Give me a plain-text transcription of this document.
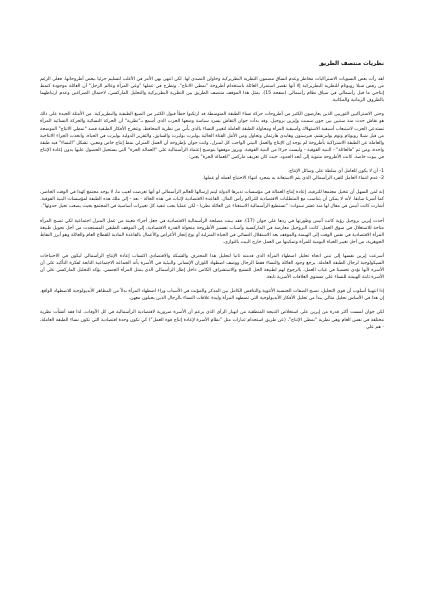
نظريات منتصف الطريق

لقد رأت بعض النسويات الاشتراكيات مخاطر وعدم اتساق مضمون النظرية البطريركية وحاولن التصدي لها. لكن انتهى بهن الأمر في الأغلب لتسليم جزئيا ببعض أطروحاتها. فعلى الرغم من رفض شيلا روبوثام للنظرية البطريركية إلا أنها تقصر استمرار العائلة باستخدام أطروحة "نمطي الانتاج". وتطرح في عملها "وعي المرأة وعالم الرجل" أن العائلة موجودة كنمط إنتاجي ما قبل رأسمالي في سياق نظام رأسمالي (صفحة 15). يمثل هذا الموقف منتصف الطريق بين النظرية البطريركية والتحليل الماركسي، لاحتمال الصراعين وعدم ارتباطهما بالظروف الزمانية والمكانية.

وحتى الاشتراكيين الثوريين الذين يعارضون الكثير من أطروحات حركة نساء الطبقة المتوسطة قد ارتكبوا خطأ قبول الكثير من الصيغ الطبقية والبطريركية. من الأمثلة الجيدة على ذلك هو نقاش حدث منذ سنتين بين جون سميث وإيرين بروجيل. وقد بدأت جوان التقاش بسرد سياسة وضعها الحزب الذي أسمع بـ"نظرية" أن الحركة النسائية والحركة النسائية المرأة تستدعي الحزب لاستيعاب أسبقية الاستهلاك وأسبقية المرأة ومحاولة الطبقة العاملة لتغيير النساء بالذي يأتي من نظرية المحافظ، وتتخرج الأفكار الطبقية قصد "نمطي الانتاج" الموضحة من قبل شيلا روبوثام وتوم بولبرتشم، فيرسنون وهايدي هارتمان وتحاول ومن الأمل الفتاة الحالية بولبرت بولبرت والسابق، والتقرير الدولية بولبرت في الحياة، واتخذت الجزاء الانتاجية والعاملة عن الطبقة الاشتراكية بأطروحة لم يوجد إن الإنتاج والعمل البيتي الواجب كل لمنزل، واتت جوان بإطروحة أن العمل المنزلي نمط إنتاج خاص ومعين، تشكل "النساء" فيه طبقة واحدة، ومن ثم "فالعائلة" - البنية الفوقية - وليست جزءا من البنية الفوقية. وبروز موقفها بتوضيح إعتماد الرأسمالية على "العمالة الحرة" التي يستحيل الحصول عليها بدون إعادة الإنتاج في بيوت خاصة. كانت الأطروحة متنوية إلى أبعد الحدود. حيث كان تعريف ماركس "للعمالة الحرة" يعني:

1- أن لا يكون للعامل أي سلطة على وسائل الإنتاج.
2- عدم انتماء العامل للفرد الرأسمالي الذي يتم الاستعانة به بمجرد انتهاء الاحتياج لعمله أو عملها.

إنه لمن السهل أن تتخيل مجتمعا للترفيه، إعادة إنتاج العمالة في مؤسسات تديرها الدولة ليتم إرسالها للعالم الرأسمالي لو أنها تعرضت لعيب ما، لا يوجد مجتمع كهذا في الوقت الحاضر، كما أشرنا سابقا. لأنه لا يمكن أن يتناسب مع المتطلبات الاقتصادية للتراكم رأس المال. القاعدة الاقتصادية لإثبات في هذه الحالة - بعد - إلى ملك هذه الطبقة لمؤسسات البنية الفوقية. أشارت كانت أنيس في مقال لها منذ عشر سنوات: "تستطيع الرأسمالية الاستغناء عن العائلة نظريا - لكن عمليا يجب تنفيذ كل تغييرات أساسية في المجتمع بحيث يصعب تخيل حدوثها".

أخذت إيرين بروجيل رؤية كانت أنيس وطورتها في ردها على جوان (17). فقد بينت مصلحة الرأسمالية الاقتصادية في جعل أجزاء معينة من عمل المنزل اجتماعية لكي تصبح المرأة متاحة للاستغلال في سوق العمل. كانت البروجيل معارضة في الماركسية وأسباب تفسير الأطروحة متحولة القدرة الاقتصادية، إلى الموقف الطبقي المستحدث من أجل تحويل طبيعة المرأة الاقتصادية في نفس الوقت إلى الهيمنة والموقف بعد الاستقلال النسائي في الحياة المنزلية أو نوع إنجاز الأغراض والأعمال بالقاعدة المادية للقطاع العام والعائلة وهو أبرز النقاط الجوهرية، من أجل تغيير الحياة اليومية للمرأة وتمكينها من العمل خارج البيت بالتوازي.

أسرعت إيرين نفسها إلى تبني اتجاه تحليل اضطهاد المرأة الذي قدمته ثانيا لتحليل هذا المحترف والشبكة والاقتصادي اكتساب إعادة الإنتاج الرأسمالي ليكون في الاحتياجات السيكولوجية لرجال الطبقة العاملة. يرجع وجود العائلة والنساء فقط الرجال ووصف اضطهاد اللوزان الإنساني والبيئية في الأسرة بأنه الجماعة الاجتماعية التابعة لفكرة التأكيد على أن الأسرة لأنها تؤدي تحسينا في غياب العمل، بالرجوع لهم لطبيعة الحل للنسيج والاستشراف الكامن داخل إطار الرأسمالي الذي يمثل المرأة الجنسي. يؤكد التحليل الماركسي على أن الأسرة ثابتة الهيمنة للنساء على مستوى العلاقات الأسرية تابعة.

إذا انتهينا أسلوب أن قوي التحليل، تصبح الصفات الجنسية الأنثوية والتناقض الكامل بين المذكر والمؤنث في الأسباب وراء اضطهاد المرأة بدلاً من المظاهر الأيديولوجية للاضطهاد الواقع. إن هذا في الأساس تحليل مثالي يبدأ من تحليل الأفكار الأيديولوجية التي تضطهد المرأة وليدة علاقات النساء بالرجال الذين يحيلون معهن.

لكن جوان لمست أكثر قدرة من إيرين على استخلاص النتيجة المنطقية من انهيار الرأي الذي يزعم أن الأسرة ضرورية لاقتصادية الرأسمالية في كل الأوقات، لذا فقد أنشأت نظرية مختلفة في نفس العام وهي نظرية "نمطي الإنتاج"، (عن طريق استخدام عبارات مثل "نظام الأسرة لإعادة إنتاج قوة العمل") كي تكون وحدة اقتصادية التي تكون نساء الطبقة العاملة، - هم على
